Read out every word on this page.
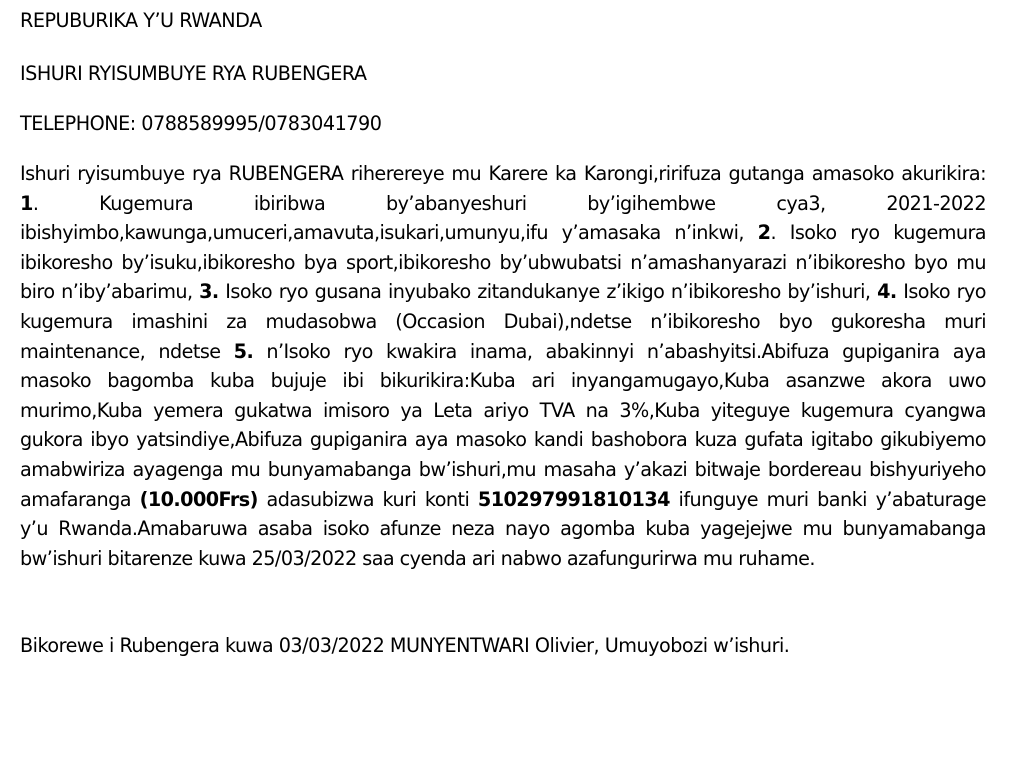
REPUBURIKA Y’U RWANDA

ISHURI RYISUMBUYE RYA RUBENGERA

TELEPHONE: 0788589995/0783041790

Ishuri ryisumbuye rya RUBENGERA riherereye mu Karere ka Karongi,ririfuza gutanga amasoko akurikira: 1. Kugemura ibiribwa by’abanyeshuri by’igihembwe cya3, 2021-2022 ibishyimbo,kawunga,umuceri,amavuta,isukari,umunyu,ifu y’amasaka n’inkwi, 2. Isoko ryo kugemura ibikoresho by’isuku,ibikoresho bya sport,ibikoresho by’ubwubatsi n’amashanyarazi n’ibikoresho byo mu biro n’iby’abarimu, 3. Isoko ryo gusana inyubako zitandukanye z’ikigo n’ibikoresho by’ishuri, 4. Isoko ryo kugemura imashini za mudasobwa (Occasion Dubai),ndetse n’ibikoresho byo gukoresha muri maintenance, ndetse 5. n’Isoko ryo kwakira inama, abakinnyi n’abashyitsi.Abifuza gupiganira aya masoko bagomba kuba bujuje ibi bikurikira:Kuba ari inyangamugayo,Kuba asanzwe akora uwo murimo,Kuba yemera gukatwa imisoro ya Leta ariyo TVA na 3%,Kuba yiteguye kugemura cyangwa gukora ibyo yatsindiye,Abifuza gupiganira aya masoko kandi bashobora kuza gufata igitabo gikubiyemo amabwiriza ayagenga mu bunyamabanga bw’ishuri,mu masaha y’akazi bitwaje bordereau bishyuriyeho amafaranga (10.000Frs) adasubizwa kuri konti 510297991810134 ifunguye muri banki y’abaturage y’u Rwanda.Amabaruwa asaba isoko afunze neza nayo agomba kuba yagejejwe mu bunyamabanga bw’ishuri bitarenze kuwa 25/03/2022 saa cyenda ari nabwo azafungurirwa mu ruhame.

Bikorewe i Rubengera kuwa 03/03/2022 MUNYENTWARI Olivier, Umuyobozi w’ishuri.
